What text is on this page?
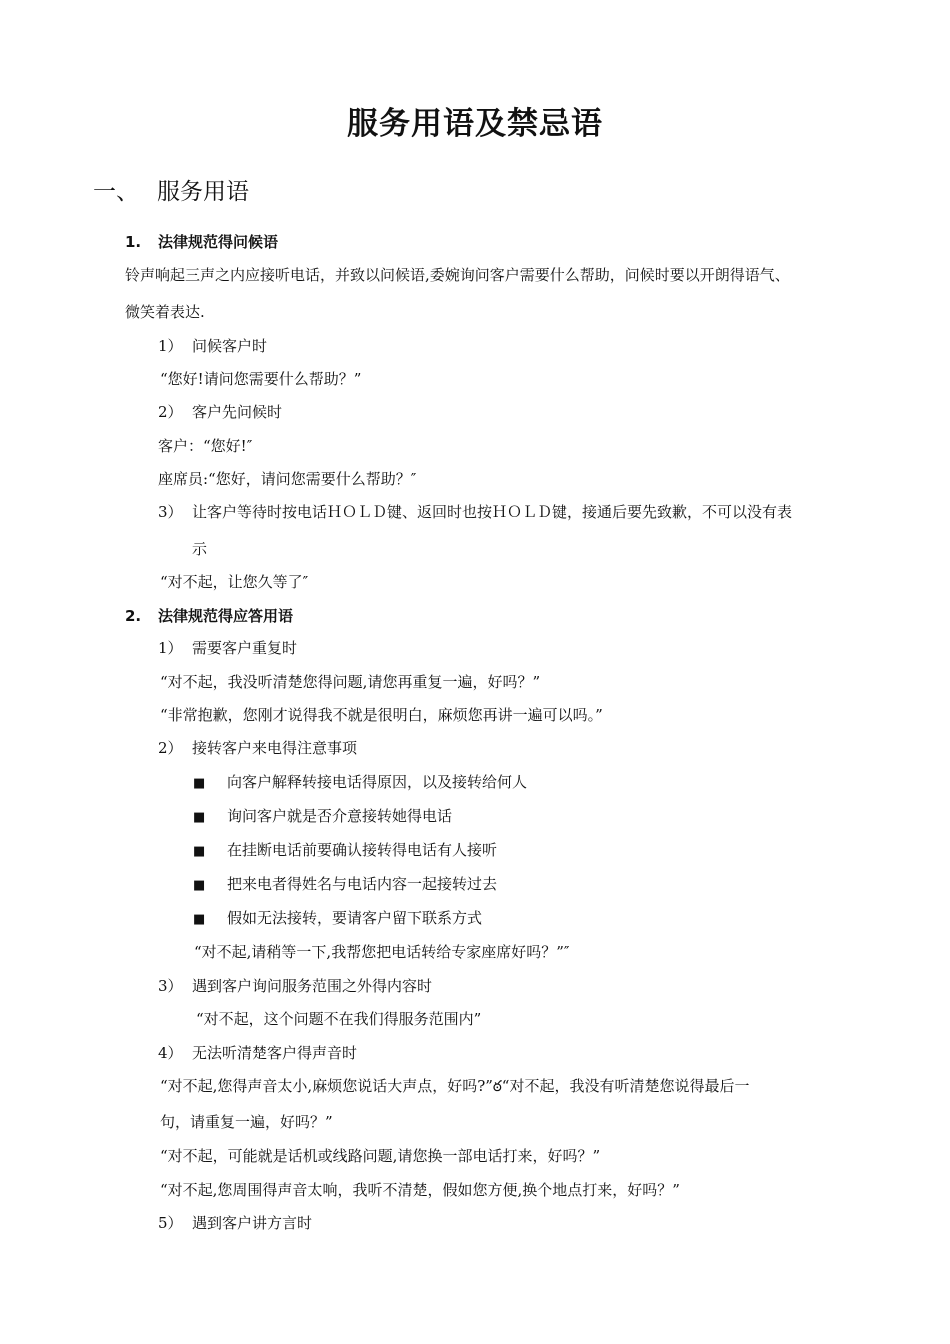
服务用语及禁忌语
一、 服务用语
1. 法律规范得问候语
铃声响起三声之内应接听电话，并致以问候语,委婉询问客户需要什么帮助，问候时要以开朗得语气、
微笑着表达.
1） 问候客户时
“您好!请问您需要什么帮助？”
2） 客户先问候时
客户：“您好!″
座席员:“您好，请问您需要什么帮助？″
3） 让客户等待时按电话ＨＯＬＤ键、返回时也按ＨＯＬＤ键，接通后要先致歉，不可以没有表
示
“对不起，让您久等了″
2. 法律规范得应答用语
1） 需要客户重复时
“对不起，我没听清楚您得问题,请您再重复一遍，好吗？”
“非常抱歉，您刚才说得我不就是很明白，麻烦您再讲一遍可以吗。”
2） 接转客户来电得注意事项
■ 向客户解释转接电话得原因，以及接转给何人
■ 询问客户就是否介意接转她得电话
■ 在挂断电话前要确认接转得电话有人接听
■ 把来电者得姓名与电话内容一起接转过去
■ 假如无法接转，要请客户留下联系方式
“对不起,请稍等一下,我帮您把电话转给专家座席好吗？”″
3） 遇到客户询问服务范围之外得内容时
“对不起，这个问题不在我们得服务范围内”
4） 无法听清楚客户得声音时
“对不起,您得声音太小,麻烦您说话大声点，好吗?”﻿ఠ“对不起，我没有听清楚您说得最后一
句，请重复一遍，好吗？”
“对不起，可能就是话机或线路问题,请您换一部电话打来，好吗？”
“对不起,您周围得声音太响，我听不清楚，假如您方便,换个地点打来，好吗？”
5） 遇到客户讲方言时
